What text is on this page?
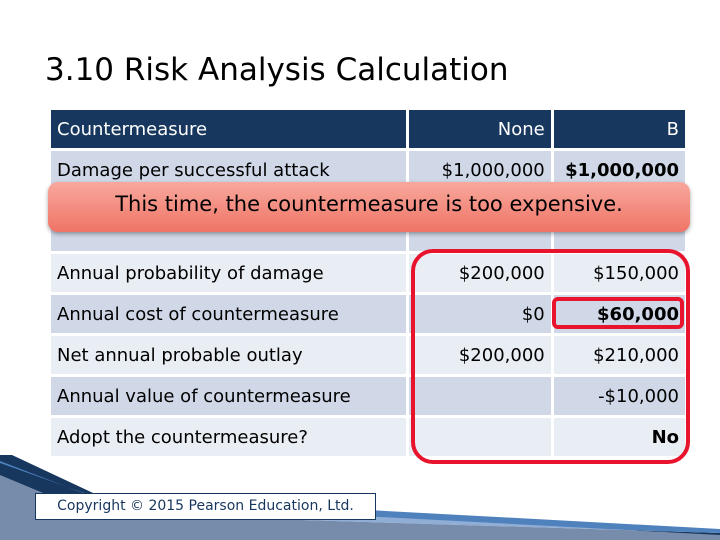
3.10 Risk Analysis Calculation
Countermeasure	None	B
Damage per successful attack	$1,000,000	$1,000,000

Annual probability of damage	$200,000	$150,000
Annual cost of countermeasure	$0	$60,000
Net annual probable outlay	$200,000	$210,000
Annual value of countermeasure		-$10,000
Adopt the countermeasure?		No
This time, the countermeasure is too expensive.
Copyright © 2015 Pearson Education, Ltd.
